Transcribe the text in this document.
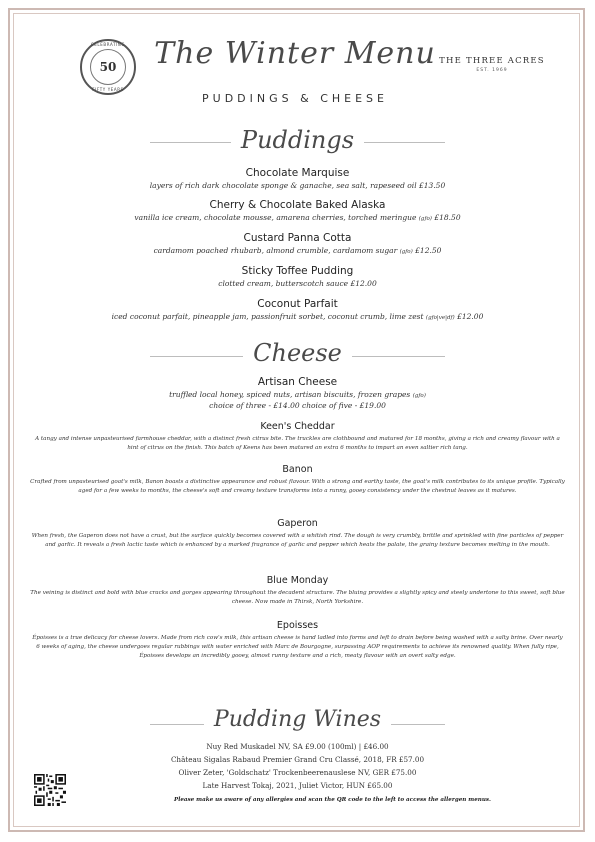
CELEBRATING
50
FIFTY YEARS
The Winter Menu
PUDDINGS & CHEESE
THE THREE ACRES
EST. 1969
Puddings
Chocolate Marquise
layers of rich dark chocolate sponge & ganache, sea salt, rapeseed oil £13.50
Cherry & Chocolate Baked Alaska
vanilla ice cream, chocolate mousse, amarena cherries, torched meringue (gfo) £18.50
Custard Panna Cotta
cardamom poached rhubarb, almond crumble, cardamom sugar (gfo) £12.50
Sticky Toffee Pudding
clotted cream, butterscotch sauce £12.00
Coconut Parfait
iced coconut parfait, pineapple jam, passionfruit sorbet, coconut crumb, lime zest (gfo|ve|df) £12.00
Cheese
Artisan Cheese
truffled local honey, spiced nuts, artisan biscuits, frozen grapes (gfo)
choice of three - £14.00 choice of five - £19.00
Keen's Cheddar
A tangy and intense unpasteurised farmhouse cheddar, with a distinct fresh citrus bite. The truckles are clothbound and matured for 18 months, giving a rich and creamy flavour with a hint of citrus on the finish. This batch of Keens has been matured an extra 6 months to impart an even saltier rich tang.
Banon
Crafted from unpasteurised goat's milk, Banon boasts a distinctive appearance and robust flavour. With a strong and earthy taste, the goat's milk contributes to its unique profile. Typically aged for a few weeks to months, the cheese's soft and creamy texture transforms into a runny, gooey consistency under the chestnut leaves as it matures.
Gaperon
When fresh, the Gaperon does not have a crust, but the surface quickly becomes covered with a whitish rind. The dough is very crumbly, brittle and sprinkled with fine particles of pepper and garlic. It reveals a fresh lactic taste which is enhanced by a marked fragrance of garlic and pepper which heats the palate, the grainy texture becomes melting in the mouth.
Blue Monday
The veining is distinct and bold with blue cracks and gorges appearing throughout the decadent structure. The bluing provides a slightly spicy and steely undertone to this sweet, soft blue cheese. Now made in Thirsk, North Yorkshire.
Epoisses
Époisses is a true delicacy for cheese lovers. Made from rich cow's milk, this artisan cheese is hand ladled into forms and left to drain before being washed with a salty brine. Over nearly 6 weeks of aging, the cheese undergoes regular rubbings with water enriched with Marc de Bourgogne, surpassing AOP requirements to achieve its renowned quality. When fully ripe, Époisses develops an incredibly gooey, almost runny texture and a rich, meaty flavour with an overt salty edge.
Pudding Wines
Nuy Red Muskadel NV, SA £9.00 (100ml) | £46.00
Château Sigalas Rabaud Premier Grand Cru Classé, 2018, FR £57.00
Oliver Zeter, 'Goldschatz' Trockenbeerenauslese NV, GER £75.00
Late Harvest Tokaj, 2021, Juliet Victor, HUN £65.00
Please make us aware of any allergies and scan the QR code to the left to access the allergen menus.
